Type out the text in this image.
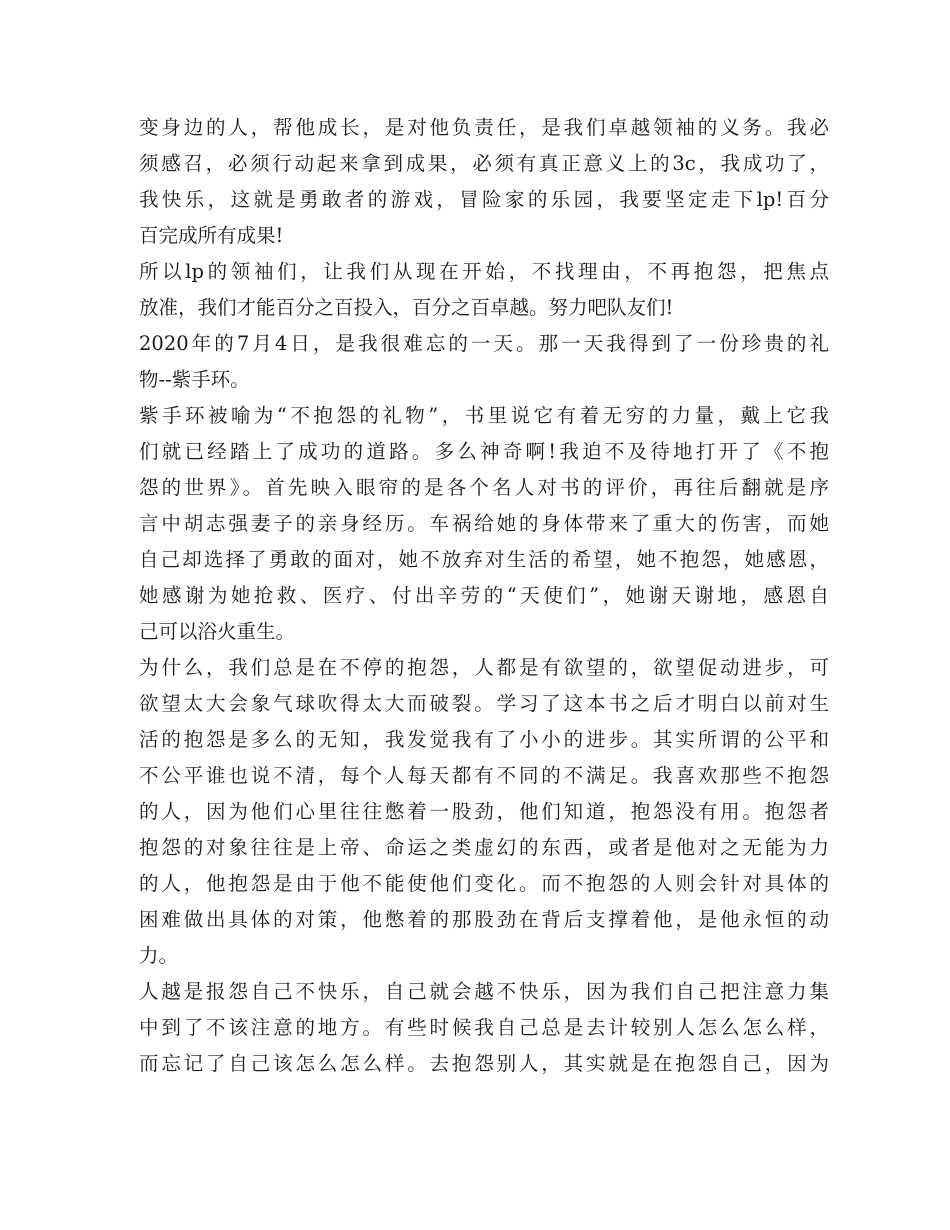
变身边的人，帮他成长，是对他负责任，是我们卓越领袖的义务。我必
须感召，必须行动起来拿到成果，必须有真正意义上的3c，我成功了，
我快乐，这就是勇敢者的游戏，冒险家的乐园，我要坚定走下lp!百分
百完成所有成果!
所以lp的领袖们，让我们从现在开始，不找理由，不再抱怨，把焦点
放准，我们才能百分之百投入，百分之百卓越。努力吧队友们!
2020年的7月4日，是我很难忘的一天。那一天我得到了一份珍贵的礼
物--紫手环。
紫手环被喻为“不抱怨的礼物”，书里说它有着无穷的力量，戴上它我
们就已经踏上了成功的道路。多么神奇啊!我迫不及待地打开了《不抱
怨的世界》。首先映入眼帘的是各个名人对书的评价，再往后翻就是序
言中胡志强妻子的亲身经历。车祸给她的身体带来了重大的伤害，而她
自己却选择了勇敢的面对，她不放弃对生活的希望，她不抱怨，她感恩，
她感谢为她抢救、医疗、付出辛劳的“天使们”，她谢天谢地，感恩自
己可以浴火重生。
为什么，我们总是在不停的抱怨，人都是有欲望的，欲望促动进步，可
欲望太大会象气球吹得太大而破裂。学习了这本书之后才明白以前对生
活的抱怨是多么的无知，我发觉我有了小小的进步。其实所谓的公平和
不公平谁也说不清，每个人每天都有不同的不满足。我喜欢那些不抱怨
的人，因为他们心里往往憋着一股劲，他们知道，抱怨没有用。抱怨者
抱怨的对象往往是上帝、命运之类虚幻的东西，或者是他对之无能为力
的人，他抱怨是由于他不能使他们变化。而不抱怨的人则会针对具体的
困难做出具体的对策，他憋着的那股劲在背后支撑着他，是他永恒的动
力。
人越是报怨自己不快乐，自己就会越不快乐，因为我们自己把注意力集
中到了不该注意的地方。有些时候我自己总是去计较别人怎么怎么样，
而忘记了自己该怎么怎么样。去抱怨别人，其实就是在抱怨自己，因为
